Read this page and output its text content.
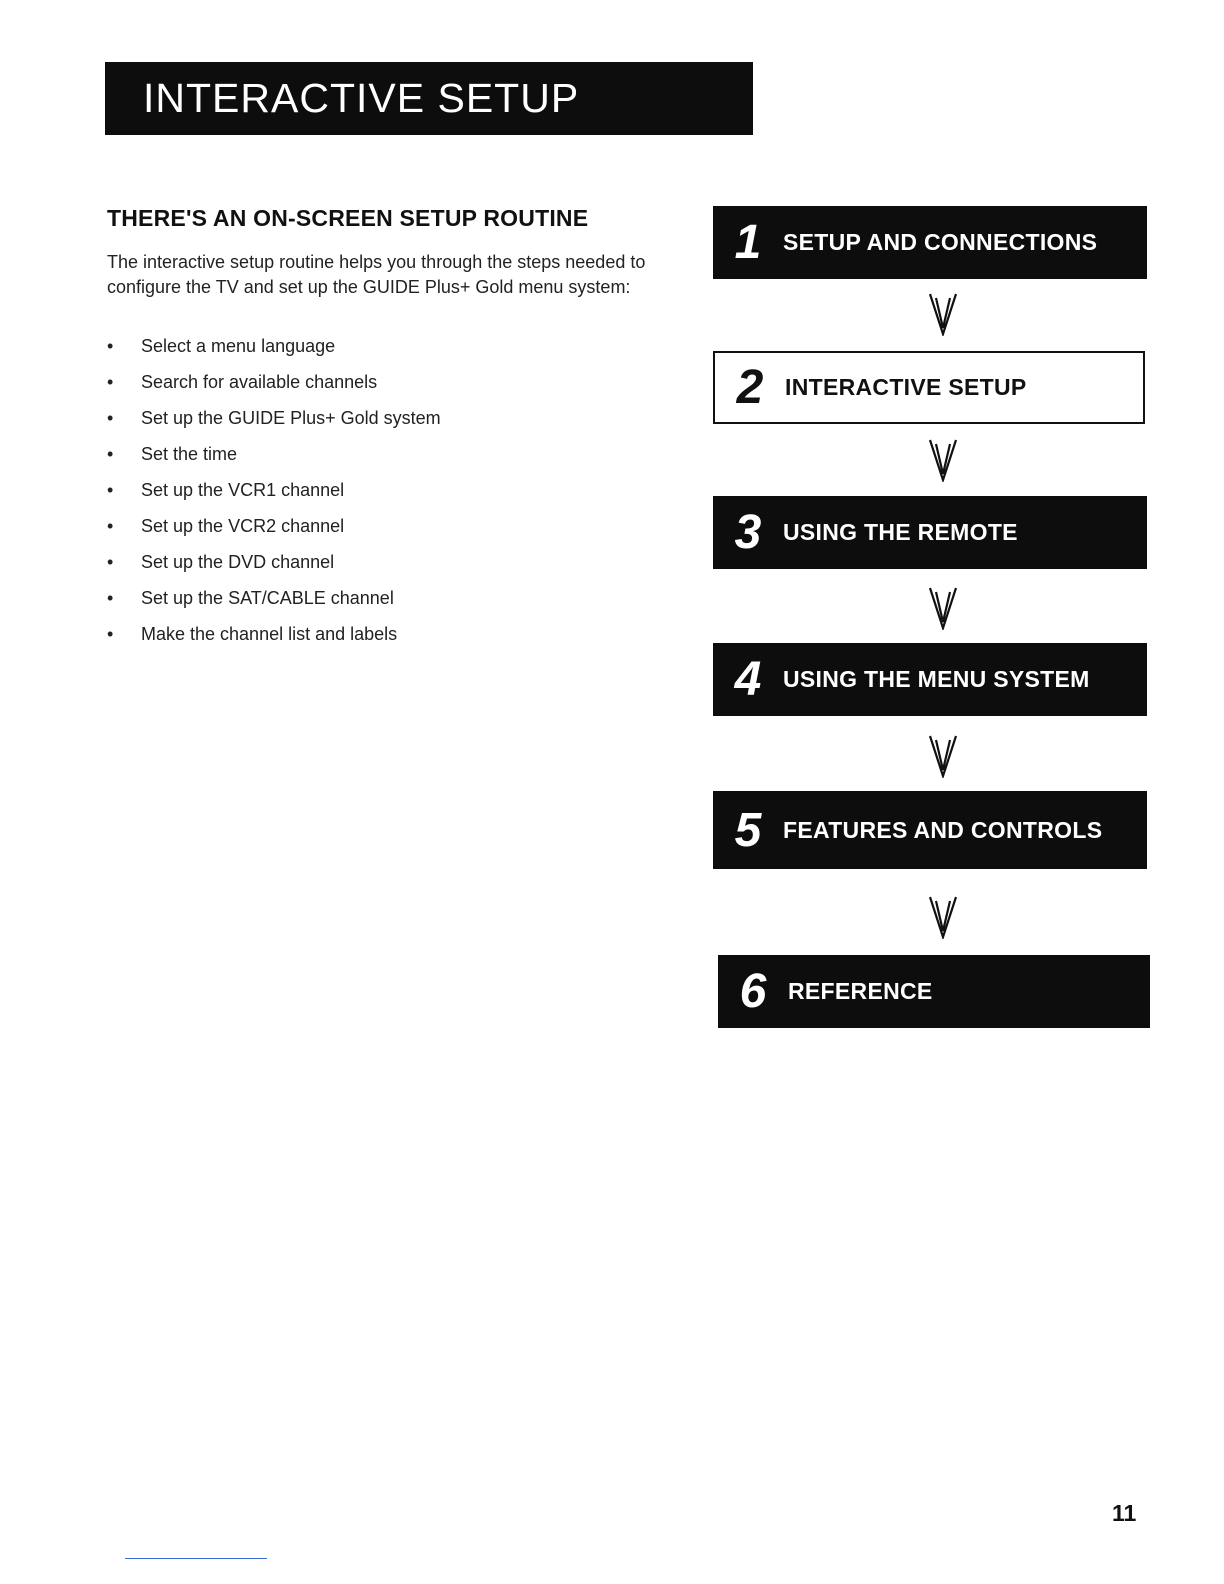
INTERACTIVE SETUP
THERE'S AN ON-SCREEN SETUP ROUTINE

The interactive setup routine helps you through the steps needed to configure the TV and set up the GUIDE Plus+ Gold menu system:

•	Select a menu language
•	Search for available channels
•	Set up the GUIDE Plus+ Gold system
•	Set the time
•	Set up the VCR1 channel
•	Set up the VCR2 channel
•	Set up the DVD channel
•	Set up the SAT/CABLE channel
•	Make the channel list and labels
1 SETUP AND CONNECTIONS
2 INTERACTIVE SETUP
3 USING THE REMOTE
4 USING THE MENU SYSTEM
5 FEATURES AND CONTROLS
6 REFERENCE
11
